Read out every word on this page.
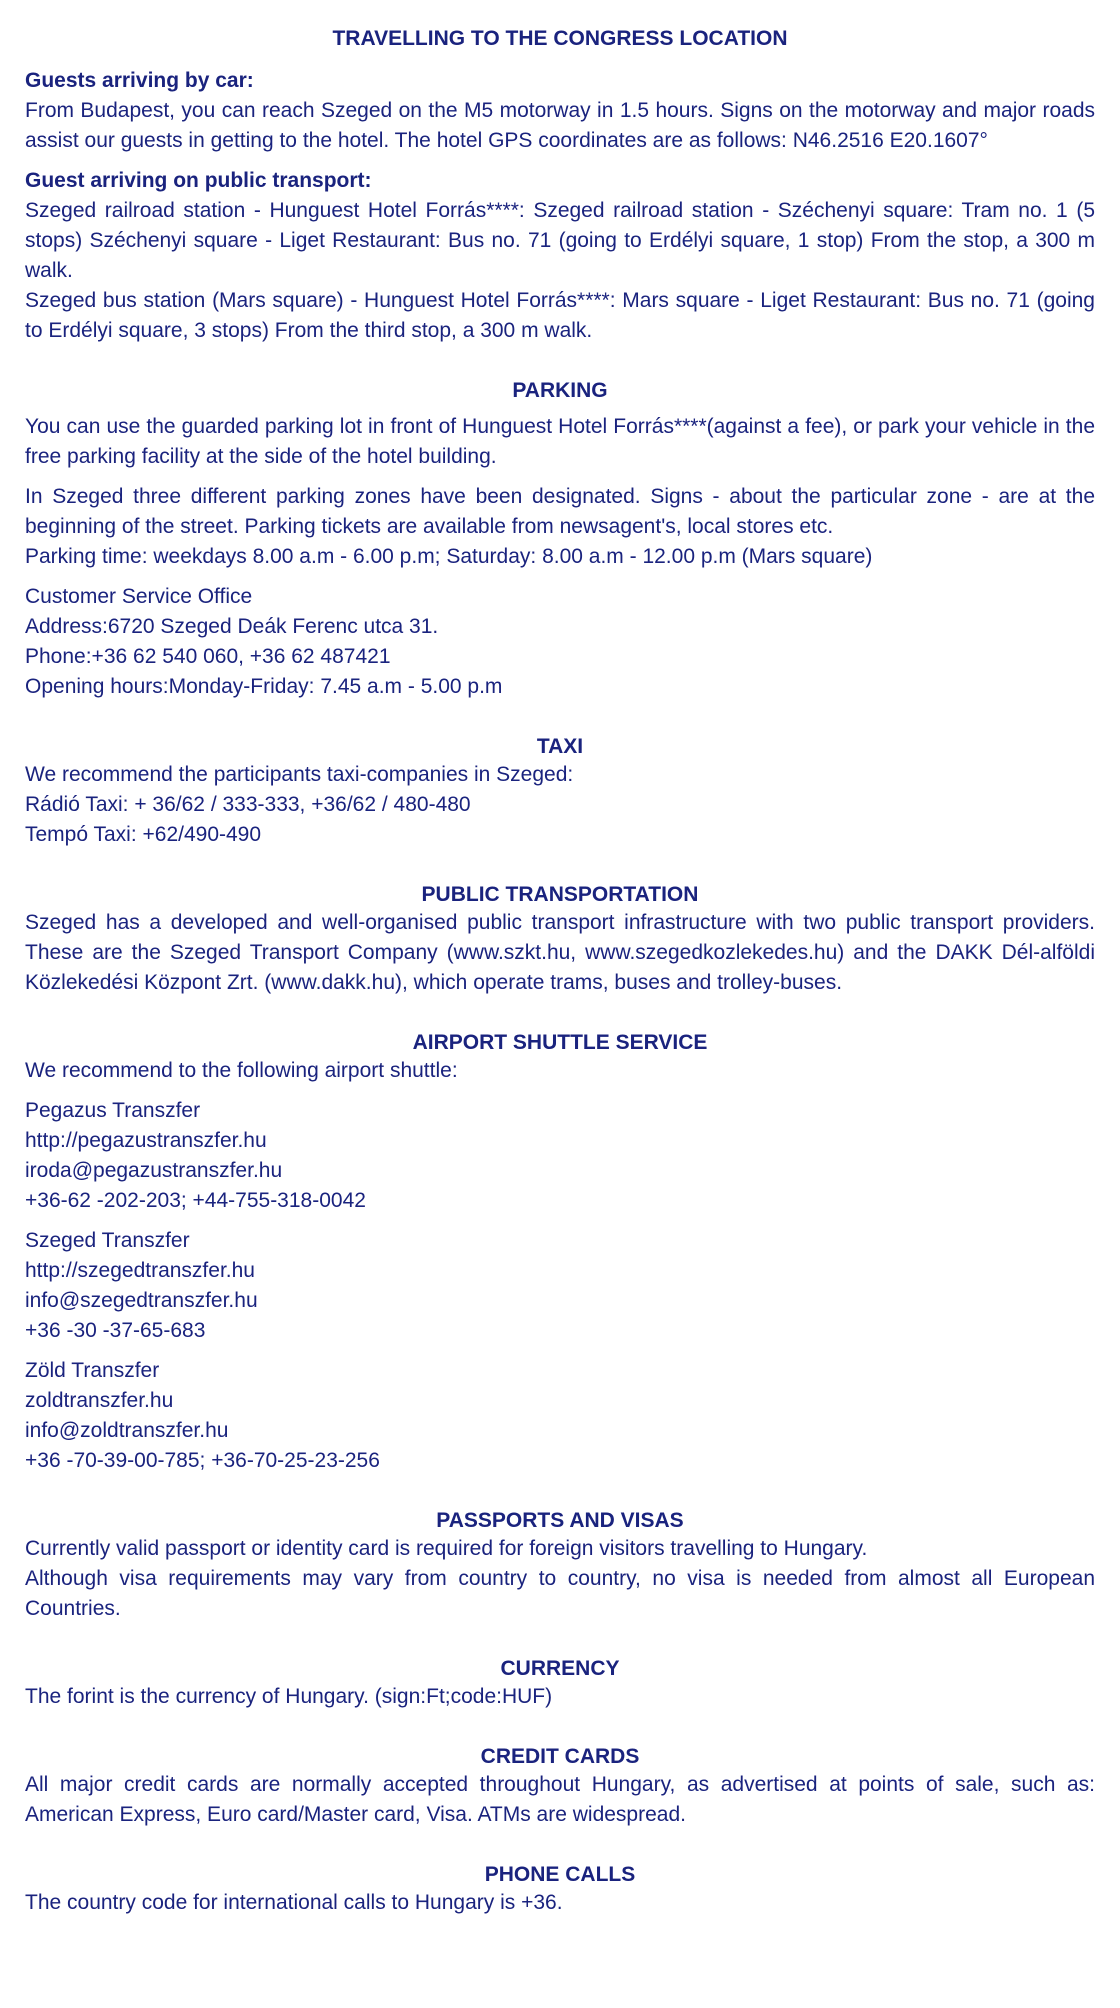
TRAVELLING TO THE CONGRESS LOCATION

Guests arriving by car:

From Budapest, you can reach Szeged on the M5 motorway in 1.5 hours. Signs on the motorway and major roads assist our guests in getting to the hotel. The hotel GPS coordinates are as follows: N46.2516 E20.1607°

Guest arriving on public transport:

Szeged railroad station - Hunguest Hotel Forrás****: Szeged railroad station - Széchenyi square: Tram no. 1 (5 stops) Széchenyi square - Liget Restaurant: Bus no. 71 (going to Erdélyi square, 1 stop) From the stop, a 300 m walk.

Szeged bus station (Mars square) - Hunguest Hotel Forrás****: Mars square - Liget Restaurant: Bus no. 71 (going to Erdélyi square, 3 stops) From the third stop, a 300 m walk.

PARKING

You can use the guarded parking lot in front of Hunguest Hotel Forrás****(against a fee), or park your vehicle in the free parking facility at the side of the hotel building.

In Szeged three different parking zones have been designated. Signs - about the particular zone - are at the beginning of the street. Parking tickets are available from newsagent's, local stores etc.

Parking time: weekdays 8.00 a.m - 6.00 p.m; Saturday: 8.00 a.m - 12.00 p.m (Mars square)

Customer Service Office

Address:6720 Szeged Deák Ferenc utca 31.

Phone:+36 62 540 060, +36 62 487421

Opening hours:Monday-Friday: 7.45 a.m - 5.00 p.m

TAXI

We recommend the participants taxi-companies in Szeged:

Rádió Taxi: + 36/62 / 333-333, +36/62 / 480-480

Tempó Taxi: +62/490-490

PUBLIC TRANSPORTATION

Szeged has a developed and well-organised public transport infrastructure with two public transport providers. These are the Szeged Transport Company (www.szkt.hu, www.szegedkozlekedes.hu) and the DAKK Dél-alföldi Közlekedési Központ Zrt. (www.dakk.hu), which operate trams, buses and trolley-buses.

AIRPORT SHUTTLE SERVICE

We recommend to the following airport shuttle:

Pegazus Transzfer

http://pegazustranszfer.hu

iroda@pegazustranszfer.hu

+36-62 -202-203; +44-755-318-0042

Szeged Transzfer

http://szegedtranszfer.hu

info@szegedtranszfer.hu

+36 -30 -37-65-683

Zöld Transzfer

zoldtranszfer.hu

info@zoldtranszfer.hu

+36 -70-39-00-785; +36-70-25-23-256

PASSPORTS AND VISAS

Currently valid passport or identity card is required for foreign visitors travelling to Hungary.

Although visa requirements may vary from country to country, no visa is needed from almost all European Countries.

CURRENCY

The forint is the currency of Hungary. (sign:Ft;code:HUF)

CREDIT CARDS

All major credit cards are normally accepted throughout Hungary, as advertised at points of sale, such as: American Express, Euro card/Master card, Visa. ATMs are widespread.

PHONE CALLS

The country code for international calls to Hungary is +36.
